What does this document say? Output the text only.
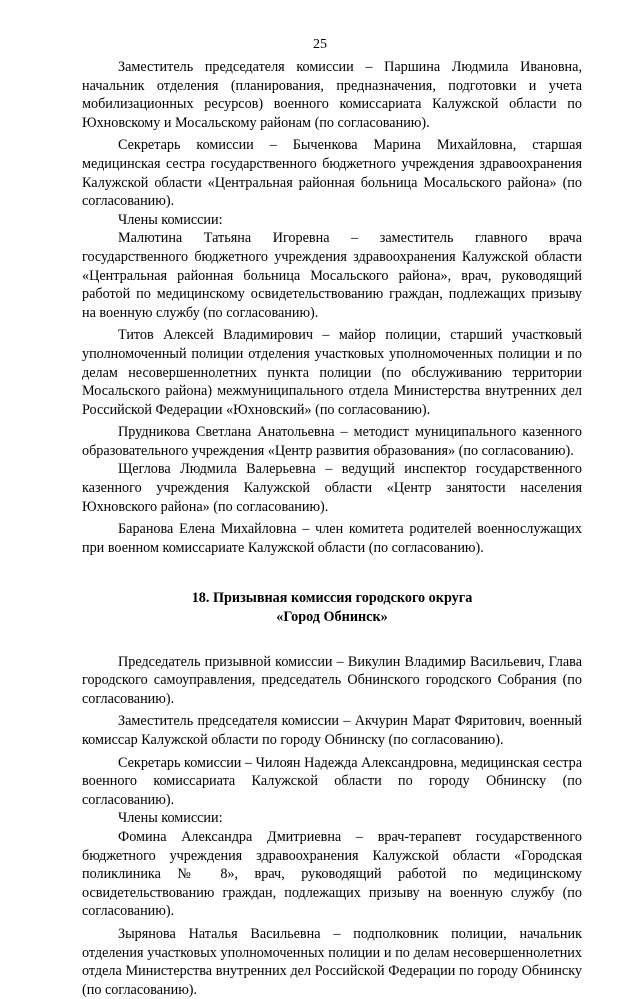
25

Заместитель председателя комиссии – Паршина Людмила Ивановна, начальник отделения (планирования, предназначения, подготовки и учета мобилизационных ресурсов) военного комиссариата Калужской области по Юхновскому и Мосальскому районам (по согласованию).

Секретарь комиссии – Быченкова Марина Михайловна, старшая медицинская сестра государственного бюджетного учреждения здравоохранения Калужской области «Центральная районная больница Мосальского района» (по согласованию).

Члены комиссии:

Малютина Татьяна Игоревна – заместитель главного врача государственного бюджетного учреждения здравоохранения Калужской области «Центральная районная больница Мосальского района», врач, руководящий работой по медицинскому освидетельствованию граждан, подлежащих призыву на военную службу (по согласованию).

Титов Алексей Владимирович – майор полиции, старший участковый уполномоченный полиции отделения участковых уполномоченных полиции и по делам несовершеннолетних пункта полиции (по обслуживанию территории Мосальского района) межмуниципального отдела Министерства внутренних дел Российской Федерации «Юхновский» (по согласованию).

Прудникова Светлана Анатольевна – методист муниципального казенного образовательного учреждения «Центр развития образования» (по согласованию).

Щеглова Людмила Валерьевна – ведущий инспектор государственного казенного учреждения Калужской области «Центр занятости населения Юхновского района» (по согласованию).

Баранова Елена Михайловна – член комитета родителей военнослужащих при военном комиссариате Калужской области (по согласованию).

18. Призывная комиссия городского округа
«Город Обнинск»

Председатель призывной комиссии – Викулин Владимир Васильевич, Глава городского самоуправления, председатель Обнинского городского Собрания (по согласованию).

Заместитель председателя комиссии – Акчурин Марат Фяритович, военный комиссар Калужской области по городу Обнинску (по согласованию).

Секретарь комиссии – Чилоян Надежда Александровна, медицинская сестра военного комиссариата Калужской области по городу Обнинску (по согласованию).

Члены комиссии:

Фомина Александра Дмитриевна – врач-терапевт государственного бюджетного учреждения здравоохранения Калужской области «Городская поликлиника № 8», врач, руководящий работой по медицинскому освидетельствованию граждан, подлежащих призыву на военную службу (по согласованию).

Зырянова Наталья Васильевна – подполковник полиции, начальник отделения участковых уполномоченных полиции и по делам несовершеннолетних отдела Министерства внутренних дел Российской Федерации по городу Обнинску (по согласованию).
